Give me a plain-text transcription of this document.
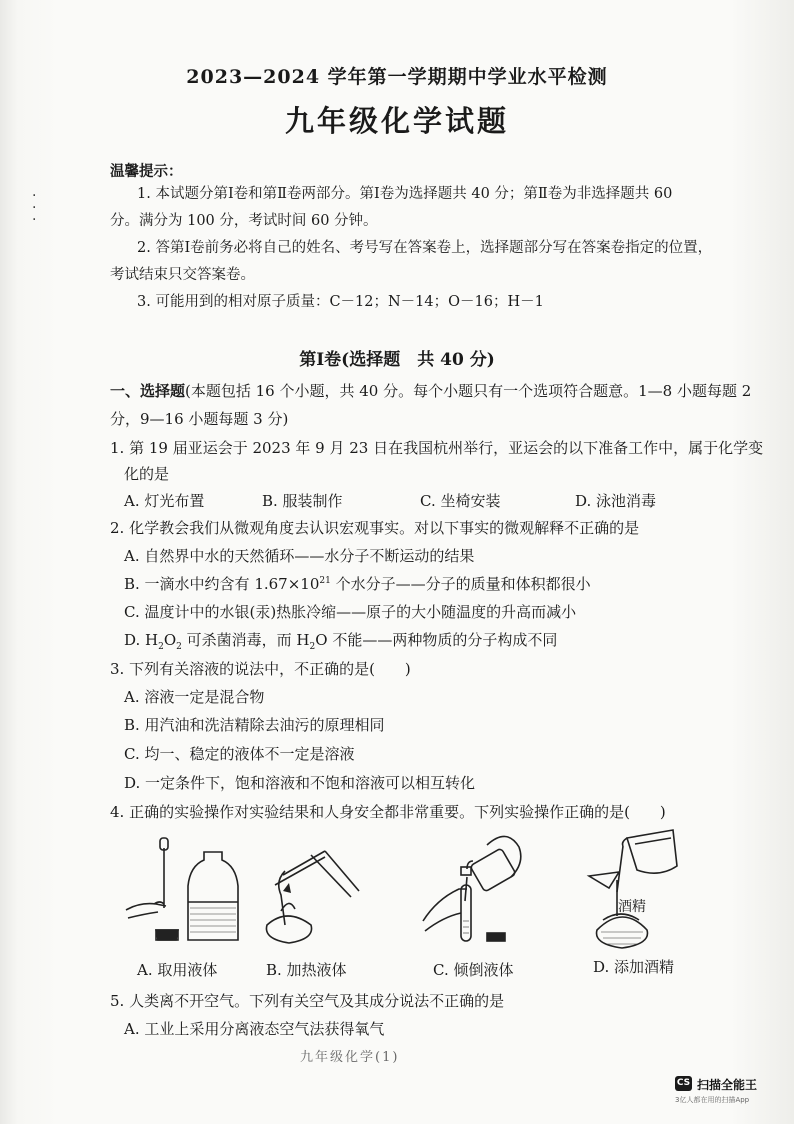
·
·
·
2023—2024 学年第一学期期中学业水平检测
九年级化学试题
温馨提示：
1. 本试题分第Ⅰ卷和第Ⅱ卷两部分。第Ⅰ卷为选择题共 40 分；第Ⅱ卷为非选择题共 60
分。满分为 100 分，考试时间 60 分钟。
2. 答第Ⅰ卷前务必将自己的姓名、考号写在答案卷上，选择题部分写在答案卷指定的位置，
考试结束只交答案卷。
3. 可能用到的相对原子质量：C－12；N－14；O－16；H－1
第Ⅰ卷(选择题　共 40 分)
一、选择题(本题包括 16 个小题，共 40 分。每个小题只有一个选项符合题意。1—8 小题每题 2
分，9—16 小题每题 3 分)
1. 第 19 届亚运会于 2023 年 9 月 23 日在我国杭州举行，亚运会的以下准备工作中，属于化学变
化的是
A. 灯光布置	B. 服装制作	C. 坐椅安装	D. 泳池消毒
2. 化学教会我们从微观角度去认识宏观事实。对以下事实的微观解释不正确的是
A. 自然界中水的天然循环——水分子不断运动的结果
B. 一滴水中约含有 $1.67\times 10^{21}$ 个水分子——分子的质量和体积都很小
C. 温度计中的水银(汞)热胀冷缩——原子的大小随温度的升高而减小
D. $H_2O_2$ 可杀菌消毒，而 $H_2O$ 不能——两种物质的分子构成不同
3. 下列有关溶液的说法中，不正确的是(　　)
A. 溶液一定是混合物
B. 用汽油和洗洁精除去油污的原理相同
C. 均一、稳定的液体不一定是溶液
D. 一定条件下，饱和溶液和不饱和溶液可以相互转化
4. 正确的实验操作对实验结果和人身安全都非常重要。下列实验操作正确的是(　　)
酒精
A. 取用液体	B. 加热液体	C. 倾倒液体	D. 添加酒精
5. 人类离不开空气。下列有关空气及其成分说法不正确的是
A. 工业上采用分离液态空气法获得氧气
九年级化学(1)
CS 扫描全能王
3亿人都在用的扫描App
